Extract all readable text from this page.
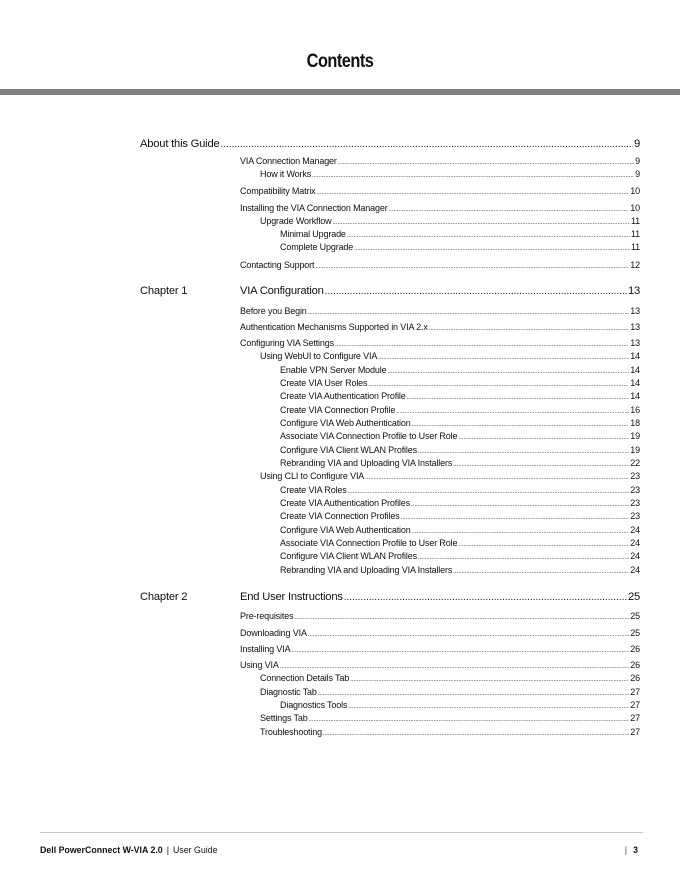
Contents
About this Guide .....	9
VIA Connection Manager .....	9
How it Works .....	9
Compatibility Matrix .....	10
Installing the VIA Connection Manager .....	10
Upgrade Workflow .....	11
Minimal Upgrade .....	11
Complete Upgrade .....	11
Contacting Support .....	12
Chapter 1	VIA Configuration .....	13
Before you Begin .....	13
Authentication Mechanisms Supported in VIA 2.x .....	13
Configuring VIA Settings .....	13
Using WebUI to Configure VIA .....	14
Enable VPN Server Module .....	14
Create VIA User Roles .....	14
Create VIA Authentication Profile .....	14
Create VIA Connection Profile .....	16
Configure VIA Web Authentication .....	18
Associate VIA Connection Profile to User Role .....	19
Configure VIA Client WLAN Profiles .....	19
Rebranding VIA and Uploading VIA Installers .....	22
Using CLI to Configure VIA .....	23
Create VIA Roles .....	23
Create VIA Authentication Profiles .....	23
Create VIA Connection Profiles .....	23
Configure VIA Web Authentication .....	24
Associate VIA Connection Profile to User Role .....	24
Configure VIA Client WLAN Profiles .....	24
Rebranding VIA and Uploading VIA Installers .....	24
Chapter 2	End User Instructions .....	25
Pre-requisites .....	25
Downloading VIA .....	25
Installing VIA .....	26
Using VIA .....	26
Connection Details Tab .....	26
Diagnostic Tab .....	27
Diagnostics Tools .....	27
Settings Tab .....	27
Troubleshooting .....	27
Dell PowerConnect W-VIA 2.0 | User Guide	| 3
